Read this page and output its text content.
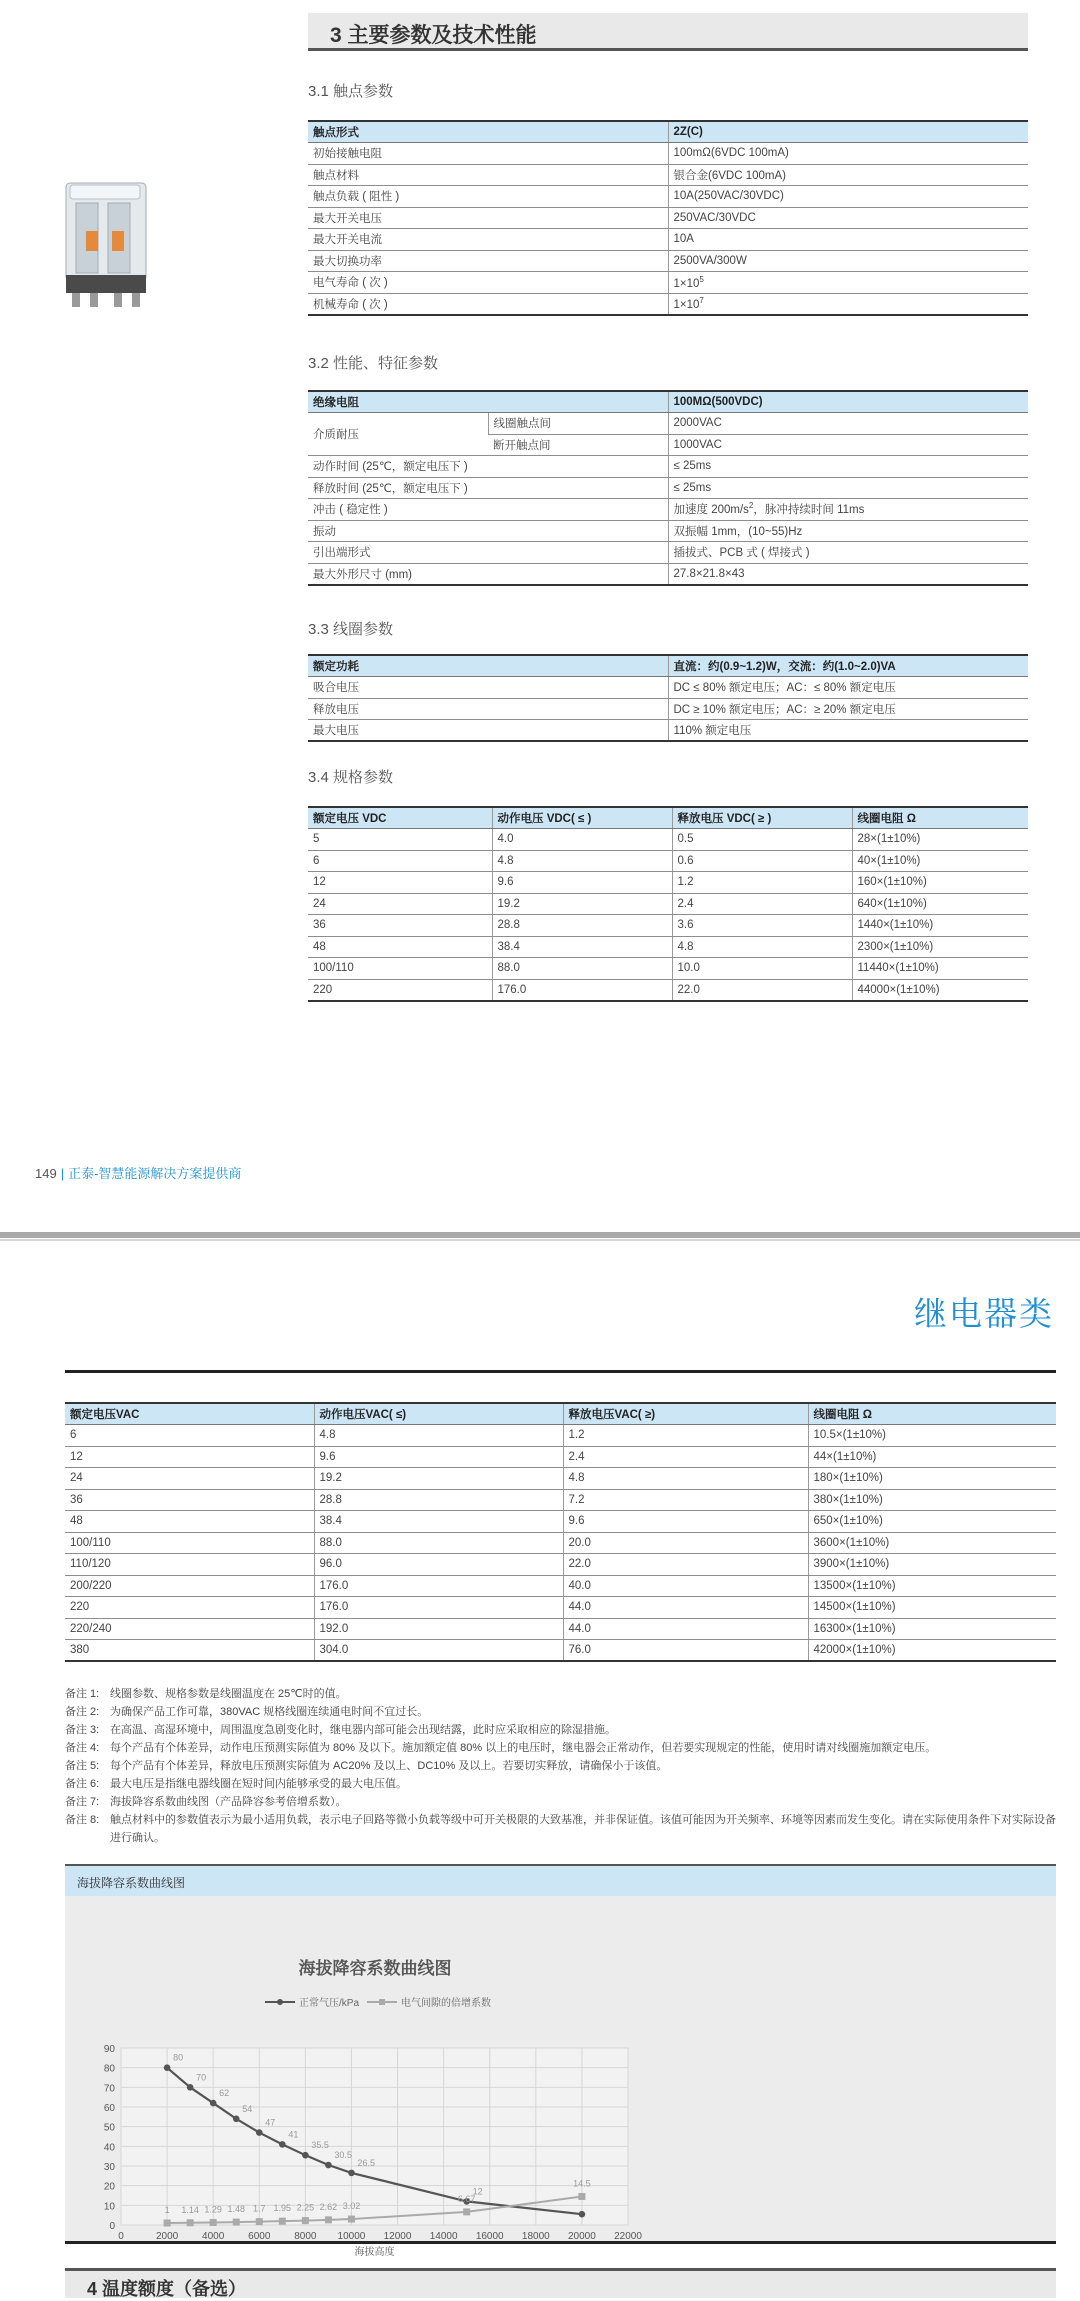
3 主要参数及技术性能
3.1 触点参数
触点形式	2Z(C)
初始接触电阻	100mΩ(6VDC 100mA)
触点材料	银合金(6VDC 100mA)
触点负载 ( 阻性 )	10A(250VAC/30VDC)
最大开关电压	250VAC/30VDC
最大开关电流	10A
最大切换功率	2500VA/300W
电气寿命 ( 次 )	$1\times 10^5$
机械寿命 ( 次 )	$1\times 10^7$
3.2 性能、特征参数
绝缘电阻		100MΩ(500VDC)
介质耐压	线圈触点间	2000VAC
	断开触点间	1000VAC
动作时间 (25℃，额定电压下 )		≤ 25ms
释放时间 (25℃，额定电压下 )		≤ 25ms
冲击 ( 稳定性 )		加速度 $200m/s^2$，脉冲持续时间 11ms
振动		双振幅 1mm，(10~55)Hz
引出端形式		插拔式、PCB 式 ( 焊接式 )
最大外形尺寸 (mm)		27.8×21.8×43
3.3 线圈参数
额定功耗	直流：约(0.9~1.2)W，交流：约(1.0~2.0)VA
吸合电压	DC ≤ 80% 额定电压；AC：≤ 80% 额定电压
释放电压	DC ≥ 10% 额定电压；AC：≥ 20% 额定电压
最大电压	110% 额定电压
3.4 规格参数
额定电压 VDC	动作电压 VDC( ≤ )	释放电压 VDC( ≥ )	线圈电阻 Ω
5	4.0	0.5	28×(1±10%)
6	4.8	0.6	40×(1±10%)
12	9.6	1.2	160×(1±10%)
24	19.2	2.4	640×(1±10%)
36	28.8	3.6	1440×(1±10%)
48	38.4	4.8	2300×(1±10%)
100/110	88.0	10.0	11440×(1±10%)
220	176.0	22.0	44000×(1±10%)
149 | 正泰-智慧能源解决方案提供商
继电器类
额定电压VAC	动作电压VAC( ≤)	释放电压VAC( ≥)	线圈电阻 Ω
6	4.8	1.2	10.5×(1±10%)
12	9.6	2.4	44×(1±10%)
24	19.2	4.8	180×(1±10%)
36	28.8	7.2	380×(1±10%)
48	38.4	9.6	650×(1±10%)
100/110	88.0	20.0	3600×(1±10%)
110/120	96.0	22.0	3900×(1±10%)
200/220	176.0	40.0	13500×(1±10%)
220	176.0	44.0	14500×(1±10%)
220/240	192.0	44.0	16300×(1±10%)
380	304.0	76.0	42000×(1±10%)
备注 1: 线圈参数、规格参数是线圈温度在 25℃时的值。
备注 2: 为确保产品工作可靠，380VAC 规格线圈连续通电时间不宜过长。
备注 3: 在高温、高湿环境中，周围温度急剧变化时，继电器内部可能会出现结露，此时应采取相应的除湿措施。
备注 4: 每个产品有个体差异，动作电压预测实际值为 80% 及以下。施加额定值 80% 以上的电压时，继电器会正常动作，但若要实现规定的性能，使用时请对线圈施加额定电压。
备注 5: 每个产品有个体差异，释放电压预测实际值为 AC20% 及以上、DC10% 及以上。若要切实释放，请确保小于该值。
备注 6: 最大电压是指继电器线圈在短时间内能够承受的最大电压值。
备注 7: 海拔降容系数曲线图（产品降容参考倍增系数）。
备注 8: 触点材料中的参数值表示为最小适用负载，表示电子回路等微小负载等级中可开关极限的大致基准，并非保证值。该值可能因为开关频率、环境等因素而发生变化。请在实际使用条件下对实际设备进行确认。
海拔降容系数曲线图
海拔降容系数曲线图
0
10
20
30
40
50
60
70
80
90
0	2000 4000 6000 8000 10000 12000 14000 16000 18000 20000 22000
海拔高度
正常气压/kPa	电气间隙的倍增系数
80
70
62
54
47
41
35.5
30.5
26.5
12
1 1.14 1.29 1.48 1.7 1.95 2.25 2.62 3.02
6.67
14.5
4 温度额度（备选）
